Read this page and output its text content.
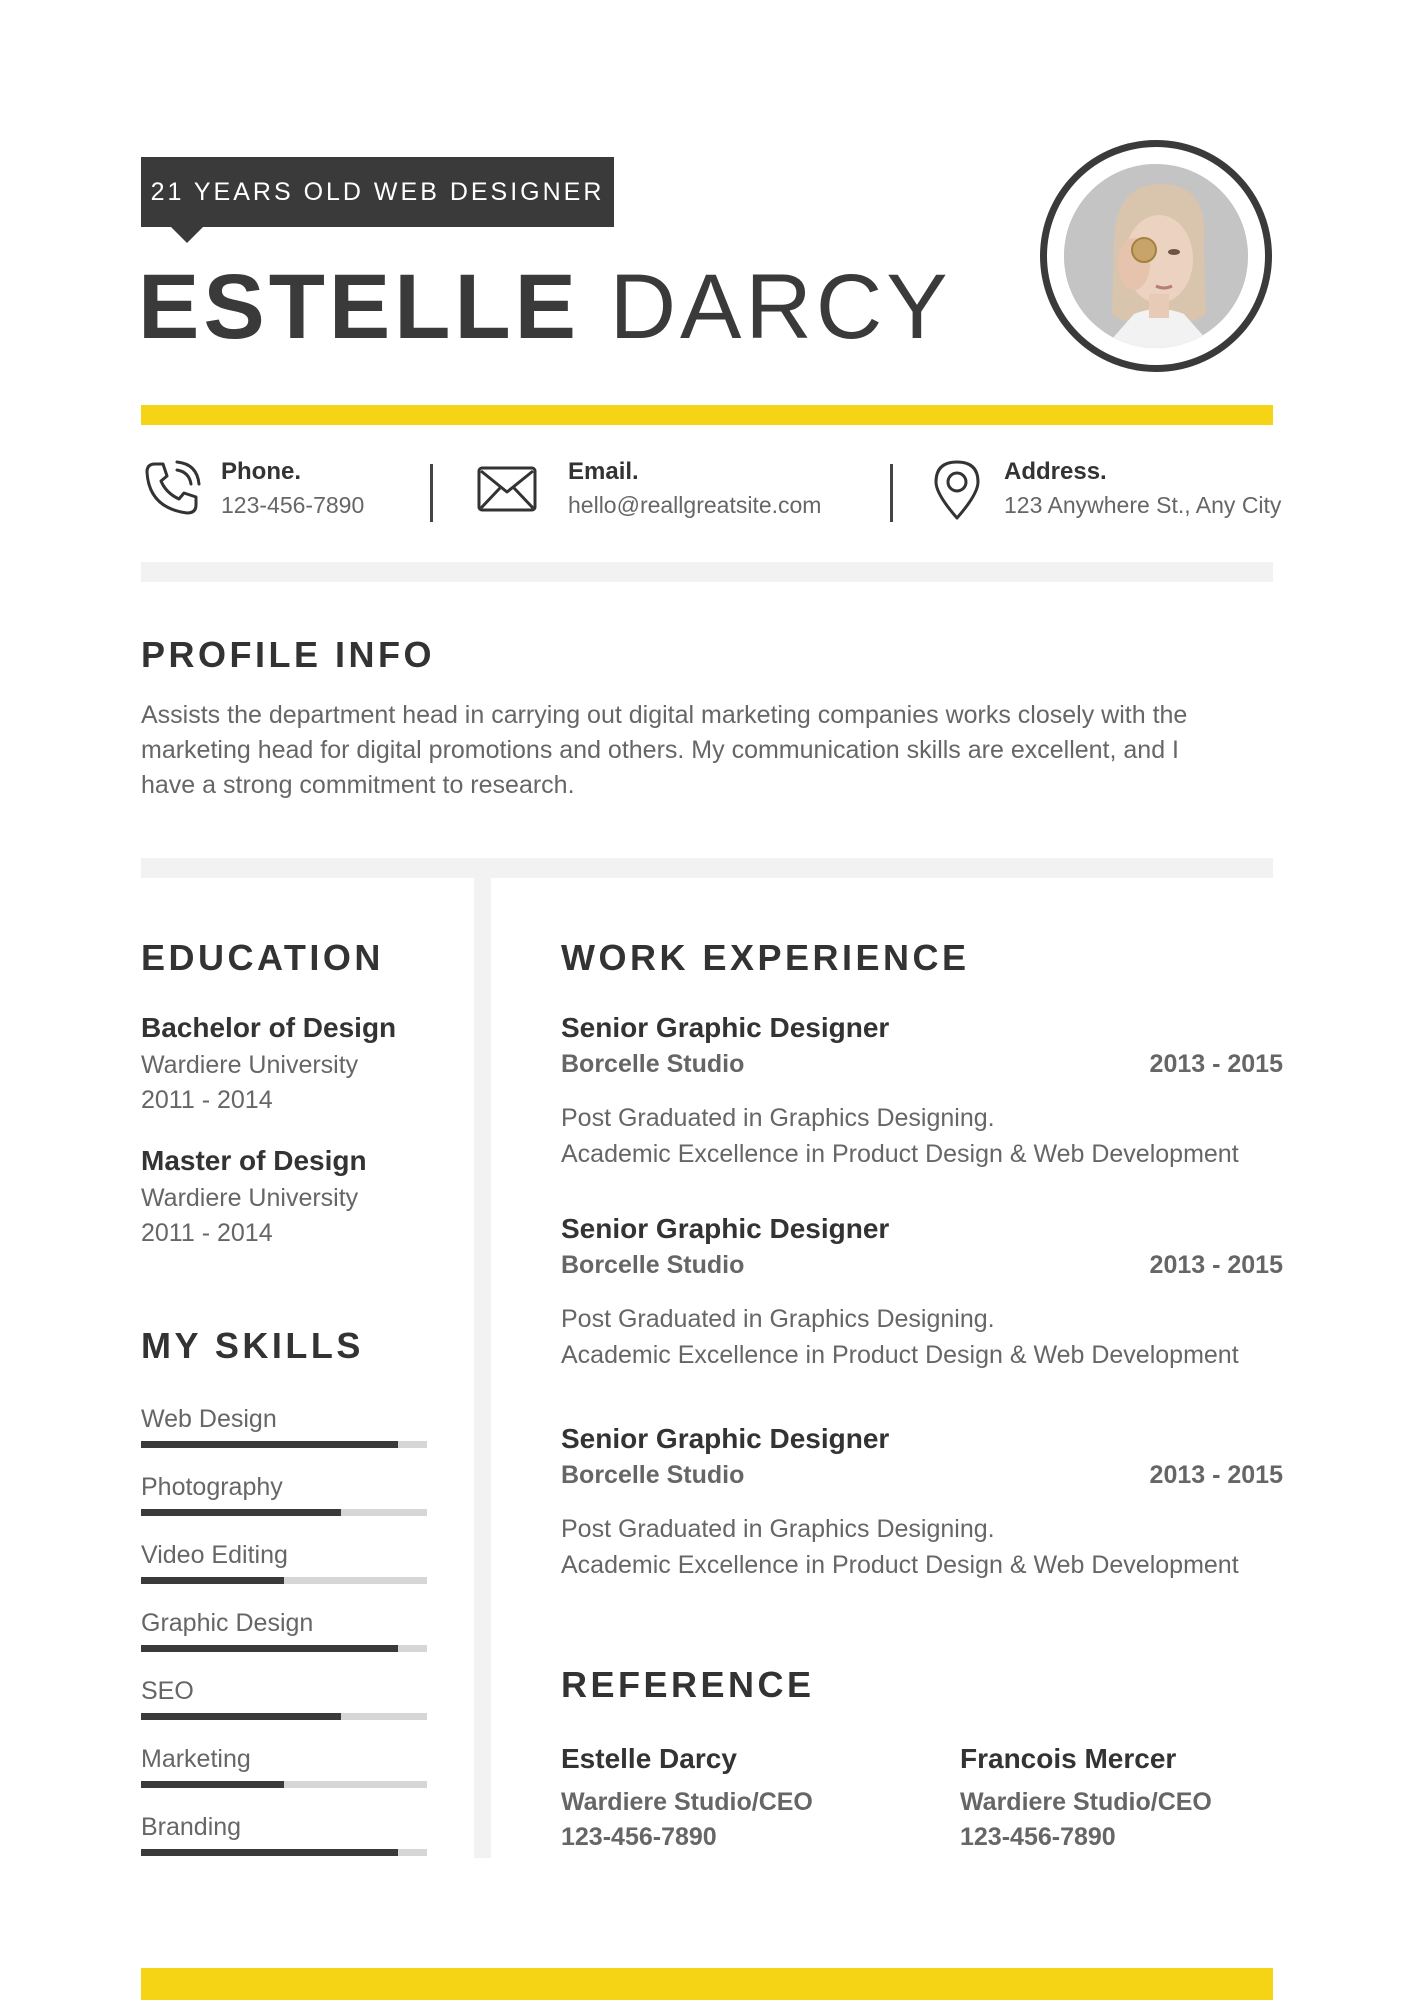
21 YEARS OLD WEB DESIGNER
ESTELLE DARCY
Phone.
123-456-7890
Email.
hello@reallgreatsite.com
Address.
123 Anywhere St., Any City
PROFILE INFO
Assists the department head in carrying out digital marketing companies works closely with the
marketing head for digital promotions and others. My communication skills are excellent, and I
have a strong commitment to research.
EDUCATION
Bachelor of Design
Wardiere University
2011 - 2014
Master of Design
Wardiere University
2011 - 2014
MY SKILLS
Web Design
Photography
Video Editing
Graphic Design
SEO
Marketing
Branding
WORK EXPERIENCE
Senior Graphic Designer
Borcelle Studio	2013 - 2015
Post Graduated in Graphics Designing.
Academic Excellence in Product Design & Web Development
Senior Graphic Designer
Borcelle Studio	2013 - 2015
Post Graduated in Graphics Designing.
Academic Excellence in Product Design & Web Development
Senior Graphic Designer
Borcelle Studio	2013 - 2015
Post Graduated in Graphics Designing.
Academic Excellence in Product Design & Web Development
REFERENCE
Estelle Darcy
Wardiere Studio/CEO
123-456-7890
Francois Mercer
Wardiere Studio/CEO
123-456-7890
